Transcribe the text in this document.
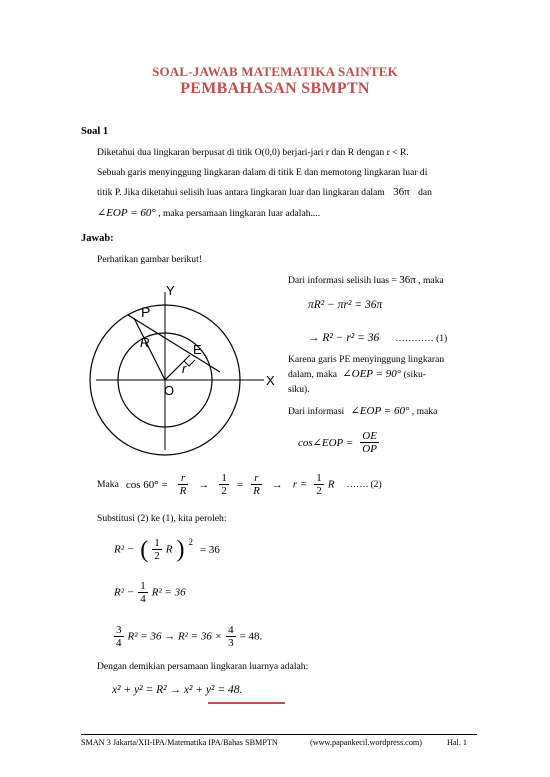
SOAL-JAWAB MATEMATIKA SAINTEK
PEMBAHASAN SBMPTN
Soal 1
Diketahui dua lingkaran berpusat di titik O(0,0) berjari-jari r dan R dengan r < R.
Sebuah garis menyinggung lingkaran dalam di titik E dan memotong lingkaran luar di
titik P. Jika diketahui selisih luas antara lingkaran luar dan lingkaran dalam 36π dan
∠EOP = 60° , maka persamaan lingkaran luar adalah....
Jawab:
Perhatikan gambar berikut!
Y
X
P
R	E
r
O
Dari informasi selisih luas = 36π , maka
πR² − πr² = 36π
→ R² − r² = 36 ………… (1)
Karena garis PE menyinggung lingkaran
dalam, maka ∠OEP = 90° (siku-
siku).
Dari informasi ∠EOP = 60° , maka
cos∠EOP = $\frac{OE}{OP}$
Maka $\cos 60^\circ = \frac{r}{R} \to \frac{1}{2} = \frac{r}{R} \to r = \frac{1}{2}$ R ……. (2)
Substitusi (2) ke (1), kita peroleh:
R² − ( $\frac{1}{2}$ R ) $^2$ = 36
$R^2 - \frac{1}{4} R^2 = 36$
$\frac{3}{4} R^2 = 36 \to R^2 = 36 \times \frac{4}{3} = 48$.
Dengan demikian persamaan lingkaran luarnya adalah:
x² + y² = R² → x² + y² = 48.
SMAN 3 Jakarta/XII-IPA/Matematika IPA/Bahas SBMPTN	(www.papankecil.wordpress.com)	Hal. 1
